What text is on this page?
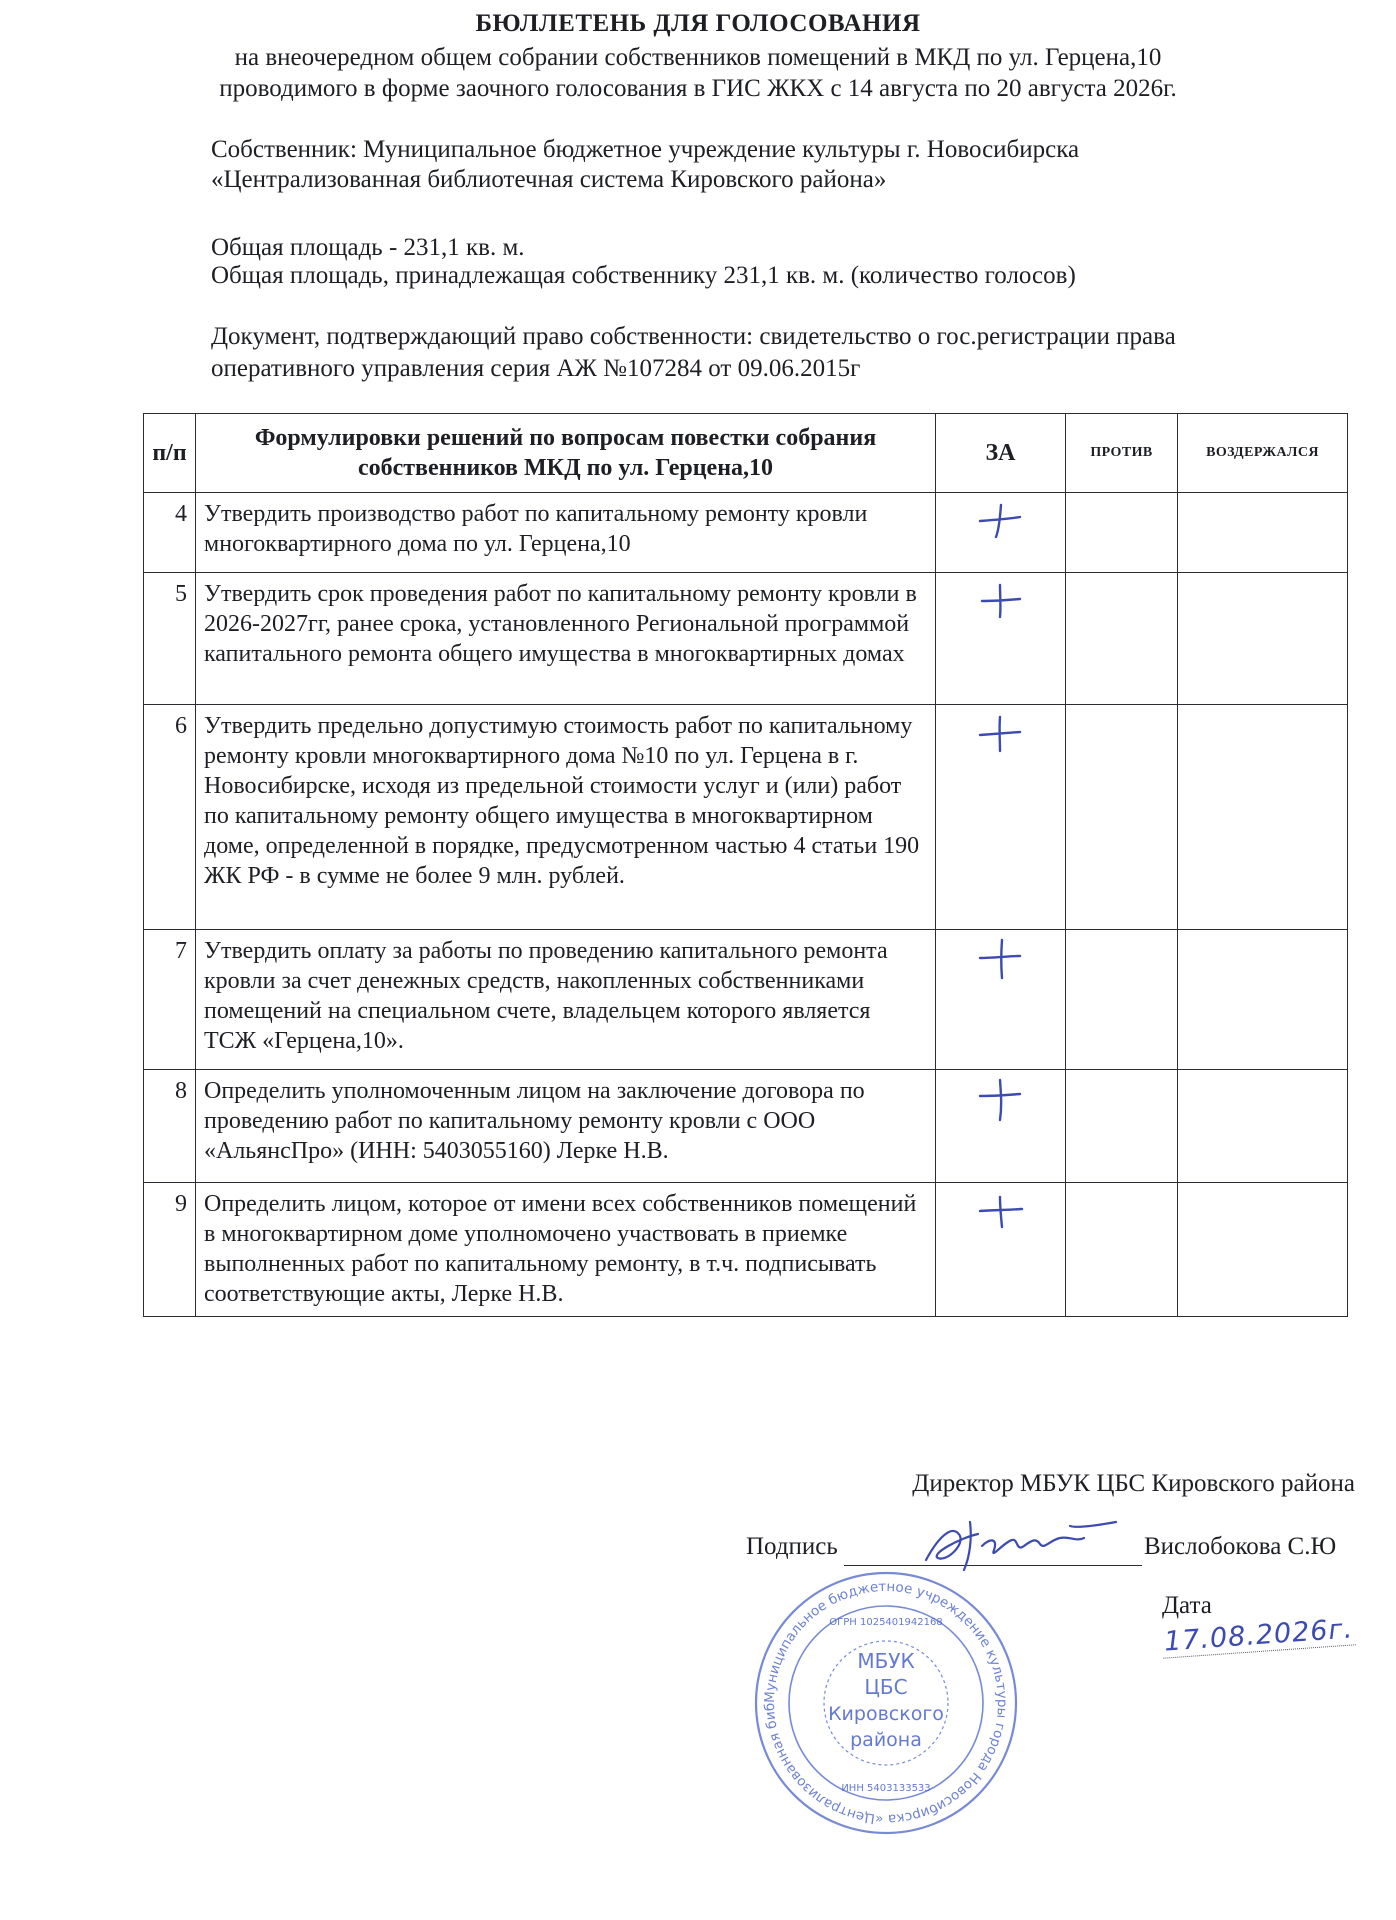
БЮЛЛЕТЕНЬ ДЛЯ ГОЛОСОВАНИЯ
на внеочередном общем собрании собственников помещений в МКД по ул. Герцена,10
проводимого в форме заочного голосования в ГИС ЖКХ с 14 августа по 20 августа 2026г.
Собственник: Муниципальное бюджетное учреждение культуры г. Новосибирска
«Централизованная библиотечная система Кировского района»
Общая площадь - 231,1 кв. м.
Общая площадь, принадлежащая собственнику 231,1 кв. м. (количество голосов)
Документ, подтверждающий право собственности: свидетельство о гос.регистрации права
оперативного управления серия АЖ №107284 от 09.06.2015г
п/п	Формулировки решений по вопросам повестки собрания собственников МКД по ул. Герцена,10	ЗА	ПРОТИВ	ВОЗДЕРЖАЛСЯ
4	Утвердить производство работ по капитальному ремонту кровли многоквартирного дома по ул. Герцена,10			
5	Утвердить срок проведения работ по капитальному ремонту кровли в 2026-2027гг, ранее срока, установленного Региональной программой капитального ремонта общего имущества в многоквартирных домах			
6	Утвердить предельно допустимую стоимость работ по капитальному ремонту кровли многоквартирного дома №10 по ул. Герцена в г. Новосибирске, исходя из предельной стоимости услуг и (или) работ по капитальному ремонту общего имущества в многоквартирном доме, определенной в порядке, предусмотренном частью 4 статьи 190 ЖК РФ - в сумме не более 9 млн. рублей.			
7	Утвердить оплату за работы по проведению капитального ремонта кровли за счет денежных средств, накопленных собственниками помещений на специальном счете, владельцем которого является ТСЖ «Герцена,10».			
8	Определить уполномоченным лицом на заключение договора по проведению работ по капитальному ремонту кровли с ООО «АльянсПро» (ИНН: 5403055160) Лерке Н.В.			
9	Определить лицом, которое от имени всех собственников помещений в многоквартирном доме уполномочено участвовать в приемке выполненных работ по капитальному ремонту, в т.ч. подписывать соответствующие акты, Лерке Н.В.			
Директор МБУК ЦБС Кировского района
Муниципальное бюджетное учреждение культуры города Новосибирска «Централизованная биб
ОГРН 1025401942168
ИНН 5403133533
МБУК
ЦБС
Кировского
района
Подпись	Вислобокова С.Ю
Дата 17.08.2026г.
